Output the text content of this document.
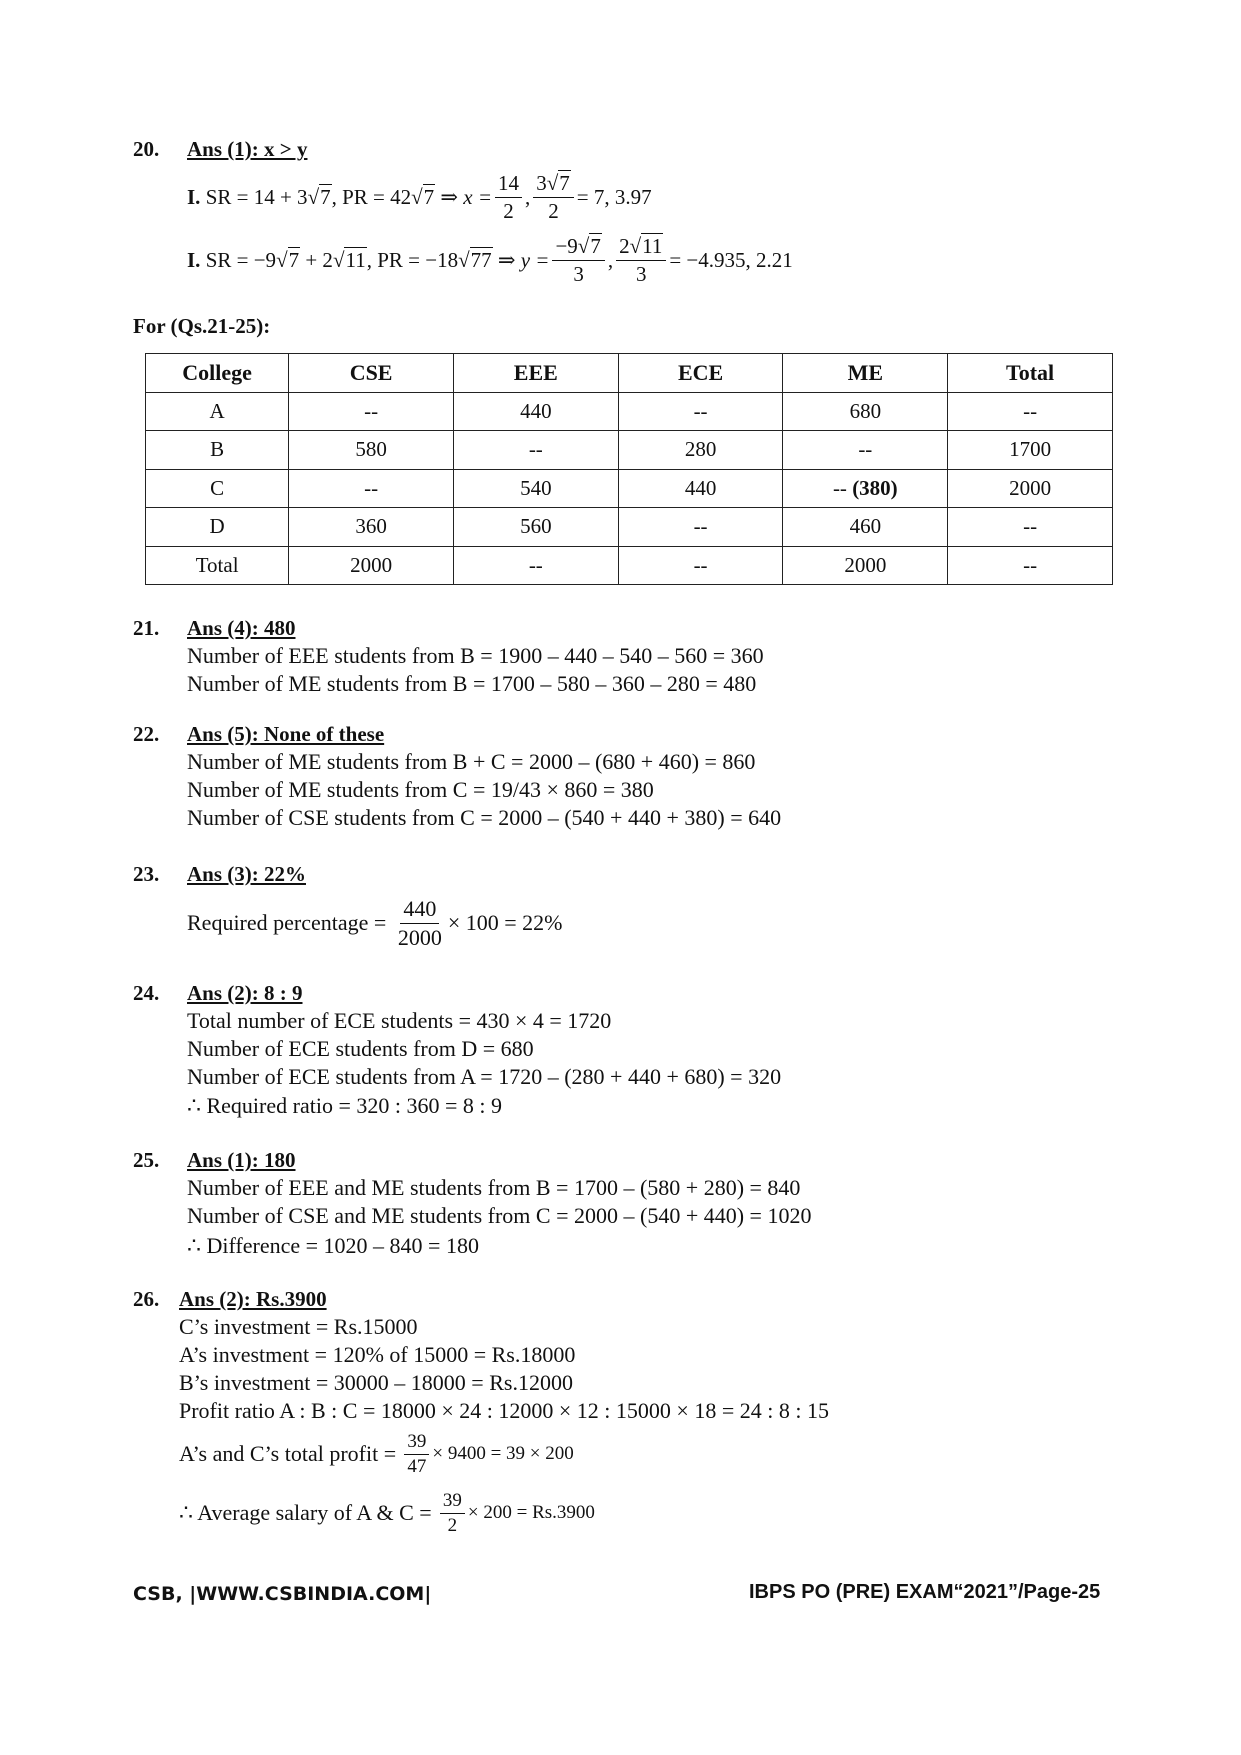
20. Ans (1): x > y
I.
SR = 14 + 3 √ 7 , PR = 42 √ 7
⇒ $x = \frac{14}{2}$ , $\frac{3√7}{2} = 7$, 3.97
I.
SR = −9 √ 7
+ 2 √ 11 , PR = −18 √ 77
⇒ $y = \frac{-9√7}{3}$ , $\frac{2√11}{3} = -4.935$, 2.21
For (Qs.21-25):
College	CSE	EEE	ECE	ME	Total
A	--	440	--	680	--
B	580	--	280	--	1700
C	--	540	440	-- (380)	2000
D	360	560	--	460	--
Total	2000	--	--	2000	--
21. Ans (4): 480
Number of EEE students from B = 1900 – 440 – 540 – 560 = 360
Number of ME students from B = 1700 – 580 – 360 – 280 = 480
22. Ans (5): None of these
Number of ME students from B + C = 2000 – (680 + 460) = 860
Number of ME students from C = 19/43 × 860 = 380
Number of CSE students from C = 2000 – (540 + 440 + 380) = 640
23. Ans (3): 22%
Required percentage =
$\frac{440}{2000} \times 100 = 22\%$
24. Ans (2): 8 : 9
Total number of ECE students = 430 × 4 = 1720
Number of ECE students from D = 680
Number of ECE students from A = 1720 – (280 + 440 + 680) = 320
∴ Required ratio = 320 : 360 = 8 : 9
25. Ans (1): 180
Number of EEE and ME students from B = 1700 – (580 + 280) = 840
Number of CSE and ME students from C = 2000 – (540 + 440) = 1020
∴ Difference = 1020 – 840 = 180
26. Ans (2): Rs.3900
C’s investment = Rs.15000
A’s investment = 120% of 15000 = Rs.18000
B’s investment = 30000 – 18000 = Rs.12000
Profit ratio A : B : C = 18000 × 24 : 12000 × 12 : 15000 × 18 = 24 : 8 : 15
A’s and C’s total profit =
$\frac{39}{47} \times 9400 = 39 \times 200$
∴ Average salary of A & C =
$\frac{39}{2} \times 200 = Rs.3900$
CSB, |WWW.CSBINDIA.COM|	IBPS PO (PRE) EXAM“2021”/Page-25
